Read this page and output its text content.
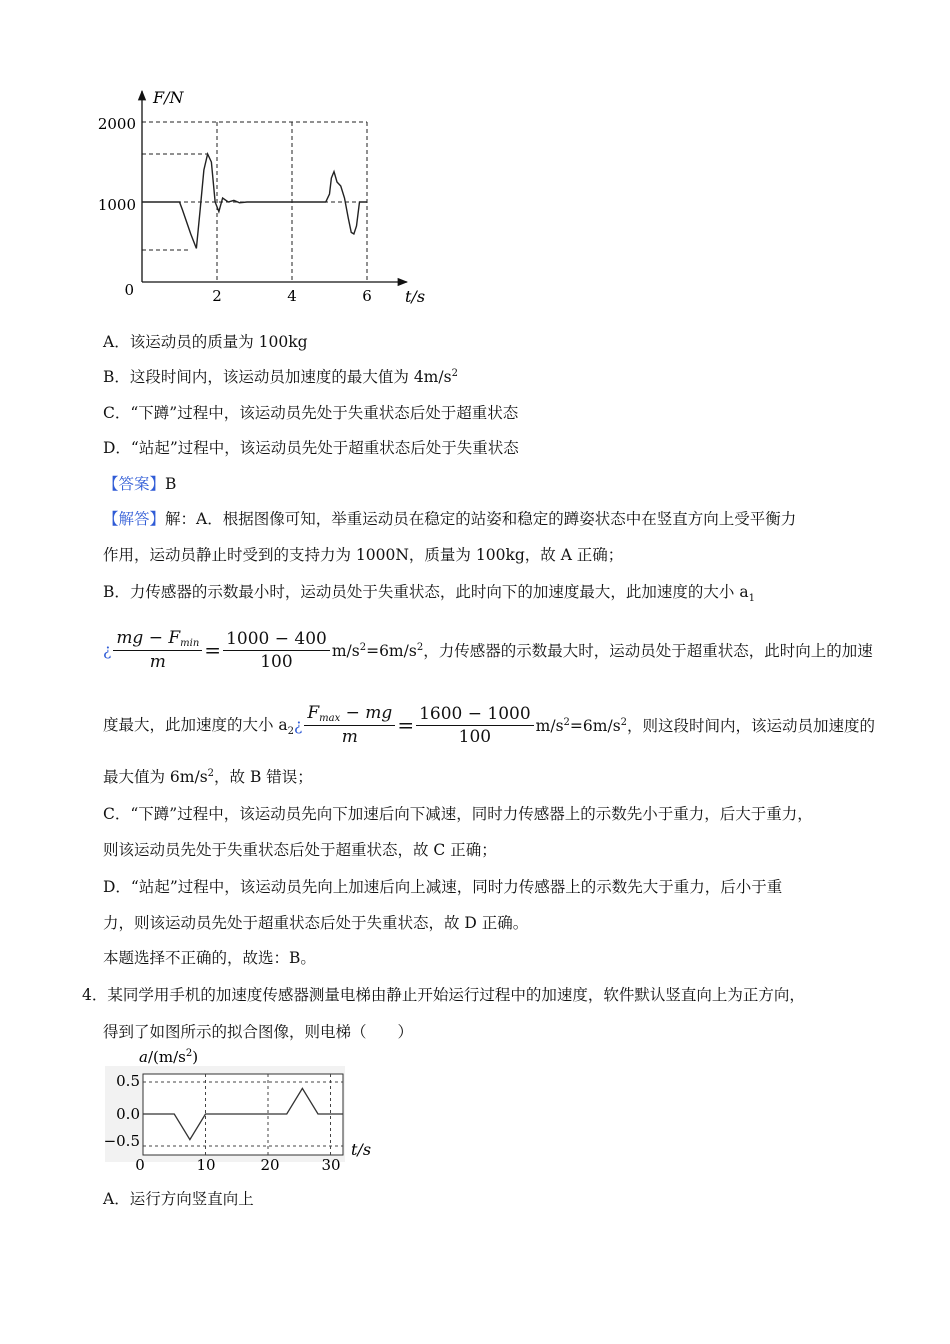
F/N
t/s
2000
1000
0	2	4	6
A．该运动员的质量为 100kg
B．这段时间内，该运动员加速度的最大值为 $4m/s^2$
C．“下蹲”过程中，该运动员先处于失重状态后处于超重状态
D．“站起”过程中，该运动员先处于超重状态后处于失重状态
【答案】B
【解答】解：A．根据图像可知，举重运动员在稳定的站姿和稳定的蹲姿状态中在竖直方向上受平衡力
作用，运动员静止时受到的支持力为 1000N，质量为 100kg，故 A 正确；
B．力传感器的示数最小时，运动员处于失重状态，此时向下的加速度最大，此加速度的大小 $a_1$
¿ $\frac{mg - F_{min}}{m} = \frac{1000 - 400}{100} m/s^2=6m/s^2$，力传感器的示数最大时，运动员处于超重状态，此时向上的加速
度最大，此加速度的大小 $a_2$ ¿ $\frac{F_{max} - mg}{m} = \frac{1600 - 1000}{100} m/s^2=6m/s^2$，则这段时间内，该运动员加速度的
最大值为 $6m/s^2$，故 B 错误；
C．“下蹲”过程中，该运动员先向下加速后向下减速，同时力传感器上的示数先小于重力，后大于重力，
则该运动员先处于失重状态后处于超重状态，故 C 正确；
D．“站起”过程中，该运动员先向上加速后向上减速，同时力传感器上的示数先大于重力，后小于重
力，则该运动员先处于超重状态后处于失重状态，故 D 正确。
本题选择不正确的，故选：B。
4．某同学用手机的加速度传感器测量电梯由静止开始运行过程中的加速度，软件默认竖直向上为正方向，
得到了如图所示的拟合图像，则电梯（　　）
$a/(m/s^2)$
0.5
0.0
−0.5
0	10	20	30
t/s
A．运行方向竖直向上
